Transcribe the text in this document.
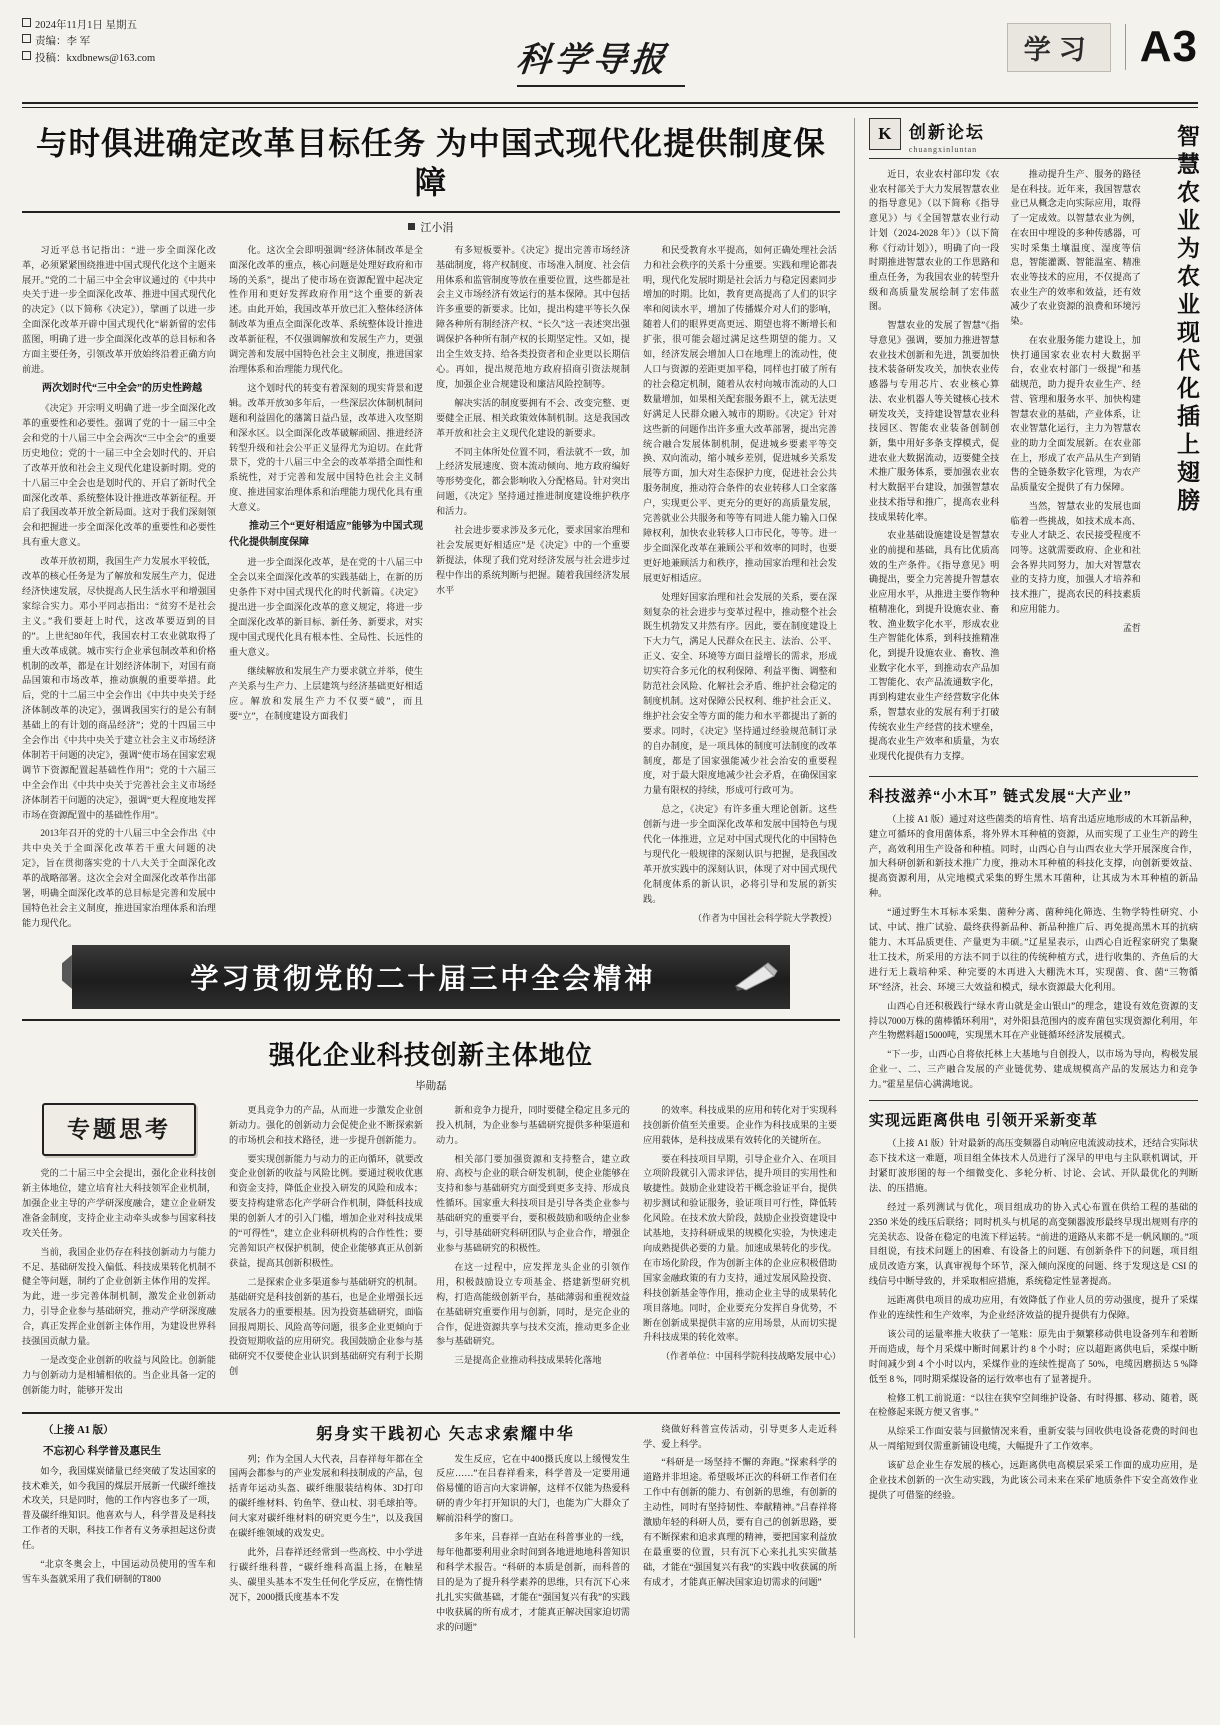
2024年11月1日 星期五
责编：李 军
投稿：kxdbnews@163.com	科学导报	学习	A3
与时俱进确定改革目标任务 为中国式现代化提供制度保障
江小涓

习近平总书记指出：“进一步全面深化改革，必须紧紧围绕推进中国式现代化这个主题来展开。”党的二十届三中全会审议通过的《中共中央关于进一步全面深化改革、推进中国式现代化的决定》（以下简称《决定》），擘画了以进一步全面深化改革开辟中国式现代化“崭新留的宏伟蓝图，明确了进一步全面深化改革的总目标和各方面主要任务，引领改革开放始终沿着正确方向前进。

两次划时代“三中全会”的历史性跨越

《决定》开宗明义明确了进一步全面深化改革的重要性和必要性。强调了党的十一届三中全会和党的十八届三中全会两次“三中全会”的重要历史地位；党的十一届三中全会划时代的、开启了改革开放和社会主义现代化建设新时期。党的十八届三中全会也是划时代的、开启了新时代全面深化改革、系统整体设计推进改革新征程。开启了我国改革开放全新局面。这对于我们深刻领会和把握进一步全面深化改革的重要性和必要性具有重大意义。

改革开放初期，我国生产力发展水平较低，改革的核心任务是为了解放和发展生产力，促进经济快速发展，尽快提高人民生活水平和增强国家综合实力。邓小平同志指出：“贫穷不是社会主义。”我们要赶上时代，这改革要迈到的目的”。上世纪80年代，我国农村工农业就取得了重大改革成就。城市实行企业承包制改革和价格机制的改革，都是在计划经济体制下，对国有商品国策和市场改革，推动旗舰的重要举措。此后，党的十二届三中全会作出《中共中央关于经济体制改革的决定》，强调我国实行的是公有制基础上的有计划的商品经济”；党的十四届三中全会作出《中共中央关于建立社会主义市场经济体制若干问题的决定》，强调“使市场在国家宏观调节下资源配置起基础性作用”；党的十六届三中全会作出《中共中央关于完善社会主义市场经济体制若干问题的决定》，强调“更大程度地发挥市场在资源配置中的基础性作用”。

2013年召开的党的十八届三中全会作出《中共中央关于全面深化改革若干重大问题的决定》，旨在贯彻落实党的十八大关于全面深化改革的战略部署。这次全会对全面深化改革作出部署，明确全面深化改革的总目标是完善和发展中国特色社会主义制度，推进国家治理体系和治理能力现代化。

化。这次全会即明强调“经济体制改革是全面深化改革的重点，核心问题是处理好政府和市场的关系”，提出了使市场在资源配置中起决定性作用和更好发挥政府作用”这个重要的新表述。由此开始，我国改革开放已汇入整体经济体制改革为重点全面深化改革、系统整体设计推进改革新征程，不仅强调解放和发展生产力，更强调完善和发展中国特色社会主义制度，推进国家治理体系和治理能力现代化。

这个划时代的转变有着深刻的现实背景和逻辑。改革开放30多年后，一些深层次体制机制问题和利益固化的藩篱日益凸显，改革进入攻坚期和深水区。以全面深化改革破解顽固、推进经济转型升级和社会公平正义显得尤为迫切。在此背景下，党的十八届三中全会的改革举措全面性和系统性，对于完善和发展中国特色社会主义制度、推进国家治理体系和治理能力现代化具有重大意义。

推动三个“更好相适应”能够为中国式现代化提供制度保障

进一步全面深化改革，是在党的十八届三中全会以来全面深化改革的实践基础上，在新的历史条件下对中国式现代化的时代新篇。《决定》提出进一步全面深化改革的意义规定，将进一步全面深化改革的新目标、新任务、新要求，对实现中国式现代化具有根本性、全局性、长远性的重大意义。

继续解放和发展生产力要求就立并举，使生产关系与生产力、上层建筑与经济基础更好相适应。解放和发展生产力不仅要“破”，而且要“立”，在制度建设方面我们

有多短板要补。《决定》提出完善市场经济基础制度，将产权制度、市场准入制度、社会信用体系和监管制度等放在重要位置，这些都是社会主义市场经济有效运行的基本保障。其中包括许多重要的新要求。比如，提出构建平等长久保障各种所有制经济产权、“长久”这一表述突出强调保护各种所有制产权的长期坚定性。又如，提出全生效支持、给各类投资者和企业更以长期信心。再如，提出规范地方政府招商引资法规制度，加强企业合规建设和廉洁风险控制等。

解决实活的制度要拥有不会、改变完整、更要健全正展、相关政策效体制机制。这是我国改革开放和社会主义现代化建设的新要求。

不同主体所处位置不同，看法就不一致，加上经济发展速度、资本流动倾向、地方政府编好等形势变化，都会影响收入分配格局。针对突出问题，《决定》坚持通过推进制度建设维护秩序和活力。

社会进步要求涉及多元化，要求国家治理和社会发展更好相适应”是《决定》中的一个重要新提法，体现了我们党对经济发展与社会进步过程中作出的系统判断与把握。随着我国经济发展水平

和民受教育水平提高，如何正确处理社会活力和社会秩序的关系十分重要。实践和理论都表明，现代化发展时期是社会活力与稳定因素同步增加的时期。比如，教育更高提高了人们的识字率和阅读水平，增加了传播媒介对人们的影响，随着人们的眼界更高更远、期望也将不断增长和扩张，很可能会超过满足这些期望的能力。又如，经济发展会增加人口在地理上的流动性，使人口与资源的差距更加平稳，同样也打破了所有的社会稳定机制，随着从农村向城市流动的人口数量增加，如果相关配套服务跟不上，就无法更好满足人民群众融入城市的期盼。《决定》针对这些新的问题作出许多重大改革部署，提出完善统合融合发展体制机制，促进城乡要素平等交换、双向流动，缩小城乡差别，促进城乡关系发展等方面，加大对生态保护力度，促进社会公共服务制度，推动符合条件的农业转移人口全家落户，实现更公平、更充分的更好的高质量发展，完善就业公共服务和等等有同进人能力输入口保障权利，加快农业转移人口市民化，等等。进一步全面深化改革在兼顾公平和效率的同时，也要更好地兼顾活力和秩序，推动国家治理和社会发展更好相适应。

处理好国家治理和社会发展的关系，要在深刻复杂的社会进步与变革过程中，推动整个社会既生机勃发又井然有序。因此，要在制度建设上下大力气，满足人民群众在民主、法治、公平、正义、安全、环境等方面日益增长的需求，形成切实符合多元化的权利保障、利益平衡、调整和防范社会风险、化解社会矛盾、维护社会稳定的制度机制。这对保障公民权利、维护社会正义、维护社会安全等方面的能力和水平都提出了新的要求。同时，《决定》坚持通过经验规范制订录的自办制度，是一项具体的制度可法制度的改革制度，都是了国家强能减少社会治安的重要程度，对于最大限度地减少社会矛盾，在确保国家力量有限权的持续，形成可行政可为。

总之，《决定》有许多重大理论创新。这些创新与进一步全面深化改革和发展中国特色与现代化一体推进，立足对中国式现代化的中国特色与现代化一般规律的深刻认识与把握，是我国改革开放实践中的深刻认识，体现了对中国式现代化制度体系的新认识，必将引导和发展的新实践。

（作者为中国社会科学院大学教授）

学习贯彻党的二十届三中全会精神
强化企业科技创新主体地位
毕勋磊
专题思考

党的二十届三中全会提出，强化企业科技创新主体地位，建立培育社大科技领军企业机制，加强企业主导的产学研深度融合，建立企业研发准备金制度，支持企业主动牵头或参与国家科技攻关任务。

当前，我国企业仍存在科技创新动力与能力不足、基础研发投入偏低、科技成果转化机制不健全等问题，制约了企业创新主体作用的发挥。为此，进一步完善体制机制，激发企业创新动力，引导企业参与基础研究，推动产学研深度融合，真正发挥企业创新主体作用，为建设世界科技强国贡献力量。

一是改变企业创新的收益与风险比。创新能力与创新动力是相辅相依的。当企业具备一定的创新能力时，能够开发出

更具竞争力的产品，从而进一步激发企业创新动力。强化的创新动力会促使企业不断探索新的市场机会和技术路径，进一步提升创新能力。

要实现创新能力与动力的正向循环，就要改变企业创新的收益与风险比例。要通过税收优惠和资金支持，降低企业投入研发的风险和成本；要支持构建常态化产学研合作机制，降低科技成果的创新人才的引入门槛，增加企业对科技成果的“可得性”，建立企业科研机构的合作性性；要完善知识产权保护机制，使企业能够真正从创新获益，提高其创新积极性。

二是探索企业多渠道参与基础研究的机制。基础研究是科技创新的基石，也是企业增强长远发展各力的重要根基。因为投资基础研究，面临回报周期长、风险高等问题，很多企业更倾向于投资短期收益的应用研究。我国鼓励企业参与基础研究不仅要使企业认识到基础研究有利于长期创

新和竞争力提升，同时要健全稳定且多元的投入机制，为企业参与基础研究提供多种渠道和动力。

相关部门要加强资源和支持整合，建立政府、高校与企业的联合研发机制，使企业能够在支持和参与基础研究方面受到更多支持、形成良性循环。国家重大科技项目是引导各类企业参与基础研究的重要平台，要积极鼓励和吸纳企业参与，引导基础研究科研团队与企业合作，增强企业参与基础研究的积极性。

在这一过程中，应发挥龙头企业的引领作用，积极鼓励设立专项基金、搭建新型研究机构，打造高能级创新平台，基础薄弱和重视效益在基础研究重要作用与创新，同时，是完企业的合作，促进资源共享与技术交流，推动更多企业参与基础研究。

三是提高企业推动科技成果转化落地

的效率。科技成果的应用和转化对于实现科技创新价值至关重要。企业作为科技成果的主要应用载体，是科技成果有效转化的关键所在。

要在科技项目早期，引导企业介入、在项目立项阶段就引入需求评估，提升项目的实用性和敏捷性。鼓励企业建设若干概念验证平台，提供初步测试和验证服务，验证项目可行性，降低转化风险。在技术放大阶段，鼓励企业投资建设中试基地，支持科研成果的规模化实验，为快速走向成熟提供必要的力量。加速成果转化的步伐。在市场化阶段，作为创新主体的企业应积极借助国家金融政策的有力支持，通过发展风险投资、科技创新基金等作用，推动企业主导的成果转化项目落地。同时，企业要充分发挥自身优势，不断在创新成果提供丰富的应用场景，从而切实提升科技成果的转化效率。

（作者单位：中国科学院科技战略发展中心）

（上接 A1 版）

不忘初心 科学普及惠民生

如今，我国煤炭储量已经突破了发达国家的技术难关，如今我国的煤层开展新一代碳纤维技术攻关，只是同时，他的工作内容也多了一项，普及碳纤维知识。他喜欢与人，科学普及是科技工作者的天职，科技工作者有义务承担起这份责任。

“北京冬奥会上，中国运动员使用的雪车和雪车头盔就采用了我们研制的T800

躬身实干践初心 矢志求索耀中华

列；作为全国人大代表，吕春祥每年都在全国两会都参与的产业发展和科技制成的产品，包括青年运动头盔、碳纤维服装结构体、3D打印的碳纤维材料、钓鱼竿、登山杖、羽毛球拍等。问大家对碳纤维材料的研究更今生”，以及我国在碳纤维领域的戏发史。

此外，吕春祥还经常到一些高校、中小学进行碳纤维科普，“碳纤维科高温上扬，在触星头、碳里头基本不发生任何化学反应，在惰性情况下，2000摄氏度基本不发

发生反应，它在中400摄氏度以上缓慢发生反应……”在吕春祥看来，科学普及一定要用通俗易懂的语言向大家讲解，这样不仅能为热爱科研的青少年打开知识的大门，也能为广大群众了解前沿科学的窗口。

多年来，吕春祥一直站在科普事业的一线，每年他都要利用业余时间到各地进地地科普知识和科学术报告。“科研的本质是创新，而科普的目的是为了提升科学素养的思维，只有沉下心来扎扎实实做基础，才能在“强国复兴有我”的实践中收获属的所有成才，才能真正解决国家迫切需求的问题”

绕做好科普宣传活动，引导更多人走近科学、爱上科学。

“科研是一场坚持不懈的奔跑。”探索科学的道路并非坦途。希望吸坏正次的科研工作者们在工作中有创新的能力、有创新的思维，有创新的主动性，同时有坚持韧性、奉献精神。”吕春祥将激励年轻的科研人员，要有自己的创新思路，要有不断探索和追求真理的精神，要把国家利益放在最重要的位置，只有沉下心来扎扎实实做基础，才能在“强国复兴有我”的实践中收获属的所有成才，才能真正解决国家迫切需求的问题”

K	创新论坛
chuangxinluntan	智慧农业为农业现代化插上翅膀

近日，农业农村部印发《农业农村部关于大力发展智慧农业的指导意见》（以下简称《指导意见》）与《全国智慧农业行动计划（2024-2028 年）》（以下简称《行动计划》），明确了向一段时期推进智慧农业的工作思路和重点任务，为我国农业的转型升级和高质量发展绘制了宏伟蓝图。

智慧农业的发展了智慧”《指导意见》强调，要加力推进智慧农业技术创新和先进，凯要加快技术装备研发攻关，加快农业传感器与专用芯片、农业核心算法、农业机器人等关键核心技术研发攻关，支持建设智慧农业科技园区、智能农业装备创制创新，集中用好多条支撑模式，促进农业大数据流动，迈要健全技术推广服务体系，要加强农业农村大数据平台建设，加强智慧农业技术指导和推广，提高农业科技成果转化率。

农业基础设施建设是智慧农业的前提和基础，具有比优质高效的生产条件。《指导意见》明确提出，要全力完善提升智慧农业应用水平，从推进主要作物种植精准化，到提升设施农业、畜牧、渔业数字化水平，形成农业生产智能化体系，到科技推精准化，到提升设施农业、畜牧、渔业数字化水平，到推动农产品加工智能化、农产品流通数字化，再到构建农业生产经营数字化体系，智慧农业的发展有利于打破传统农业生产经营的技术壁垒，提高农业生产效率和质量，为农业现代化提供有力支撑。

推动提升生产、服务的路径是在科技。近年来，我国智慧农业已从概念走向实际应用，取得了一定成效。以智慧农业为例，在农田中埋设的多种传感器，可实时采集土壤温度、湿度等信息，智能灌溉、智能温室、精准农业等技术的应用，不仅提高了农业生产的效率和效益，还有效减少了农业资源的浪费和环境污染。

在农业服务能力建设上，加快打通国家农业农村大数据平台，农业农村部门一级提”和基础规范，助力提升农业生产、经营、管理和服务水平、加快构建智慧农业的基础，产业体系，让农业智慧化运行，主力为智慧农业的助力全面发展新。在农业部在上，形成了农产品从生产到销售的全链条数字化管理，为农产品质量安全提供了有力保障。

当然，智慧农业的发展也面临着一些挑战，如技术成本高、专业人才缺乏、农民接受程度不同等。这就需要政府、企业和社会各界共同努力，加大对智慧农业的支持力度，加强人才培养和技术推广，提高农民的科技素质和应用能力。

孟哲

科技滋养“小木耳” 链式发展“大产业”

（上接 A1 版）通过对这些菌类的培育性、培育出适应地形成的木耳新品种，建立可循环的食用菌体系，将外界木耳种植的资源，从而实现了工业生产的跨生产，高效利用生产设备和种植。同时，山西心自与山西农业大学开展深度合作，加大科研创新和新技术推广力度，推动木耳种植的科技化支撑，向创新要效益、提高资源利用，从完地模式采集的野生黑木耳菌种，让其成为木耳种植的新品种。

“通过野生木耳标本采集、菌种分离、菌种纯化筛选、生物学特性研究、小试、中试、推广试验、最终获得新品种、新品种推广后、再免提高黑木耳的抗病能力、木耳品质更佳、产量更为丰硕。”辽星星表示，山西心自近程家研究了集聚壮工技术，所采用的方法不同于以往的传统种植方式，进行收集的、齐鱼后的大进行无上栽培种采、种完要的木再进入大棚洗木耳，实现菌、食、菌“三物循环”经济，社会、环境三大效益和模式，绿水资源最大化利用。

山西心自还积极践行“绿水青山就是金山银山”的理念，建设有效危资源的支持以7000万株的菌棒循环利用”，对外阳县范围内的废弃菌包实现资源化利用，年产生物燃料超15000吨，实现黑木耳在产业链循环经济发展模式。

“下一步，山西心自将依托林上大基地与自创投人，以市场为导向，构极发展企业一、二、三产融合发展的产业链优势、建成规模高产品的发展达力和竞争力。”霍星星信心满满地说。

实现远距离供电 引领开采新变革

（上接 A1 版）针对最新的高压变频器自动响应电流波动技术，还结合实际状态下技术这一难题，项目组全体技术人员进行了深早的甲电与主队联机调试，开封紧盯波形图的每一个细微变化、多轮分析、讨论、会试、开队最优化的判断法、的压措施。

经过一系列测试与优化，项目组成功的协入式心布置在供给工程的基础的 2350 米处的线压后联络；同时机头与机尾的高变频器波形最终早现出规则有序的完美状态、设备在稳定的电流下样运转。“前进的道路从来都不是一帆风顺的。”项目组说，有技术问题上的困难、有设备上的问题、有创新条件下的问题，项目组成员改造方案，认真审视每个环节，深入倾向深度的问题、终于发现这是 CSI 的线信号中断导致的，并采取相应措施，系统稳定性显著提高。

远距离供电项目的成功应用，有效降低了作业人员的劳动强度，提升了采煤作业的连续性和生产效率，为企业经济效益的提升提供有力保障。

该公司的运量率推大收获了一笔账：原先由于频繁移动供电设备列车和着断开而造成，每个月采煤中断时间累计约 8 个小时；应以超距离供电后，采煤中断时间减少到 4 个小时以内，采煤作业的连续性提高了 50%，电缆因磨损达 5 %降低至 8 %，同时期采煤设备的运行效率也有了显著提升。

检修工机工前说道：“以往在狭窄空间维护设备、有时得挪、移动、随着，既在检修起来既方便又省事。”

从综采工作面安装与回撤情况来看，重新安装与回收供电设备花费的时间也从一周缩短到仅需重新铺设电缆，大幅提升了工作效率。

该矿总企业生存发展的核心，远距离供电高模层采采工作面的成功应用，是企业技术创新的一次生动实践，为此该公司未来在采矿地质条件下安全高效作业提供了可借鉴的经验。
